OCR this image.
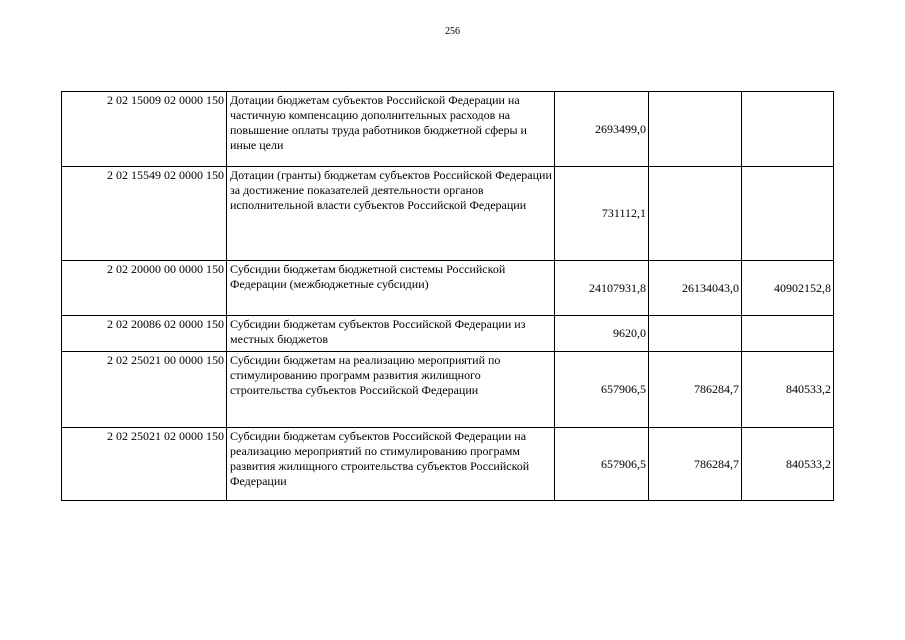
256
2 02 15009 02 0000 150	Дотации бюджетам субъектов Российской Федерации на частичную компенсацию дополнительных расходов на повышение оплаты труда работников бюджетной сферы и иные цели	2693499,0		
2 02 15549 02 0000 150	Дотации (гранты) бюджетам субъектов Российской Федерации за достижение показателей деятельности органов исполнительной власти субъектов Российской Федерации	731112,1		
2 02 20000 00 0000 150	Субсидии бюджетам бюджетной системы Российской Федерации (межбюджетные субсидии)	24107931,8	26134043,0	40902152,8
2 02 20086 02 0000 150	Субсидии бюджетам субъектов Российской Федерации из местных бюджетов	9620,0		
2 02 25021 00 0000 150	Субсидии бюджетам на реализацию мероприятий по стимулированию программ развития жилищного строительства субъектов Российской Федерации	657906,5	786284,7	840533,2
2 02 25021 02 0000 150	Субсидии бюджетам субъектов Российской Федерации на реализацию мероприятий по стимулированию программ развития жилищного строительства субъектов Российской Федерации	657906,5	786284,7	840533,2
